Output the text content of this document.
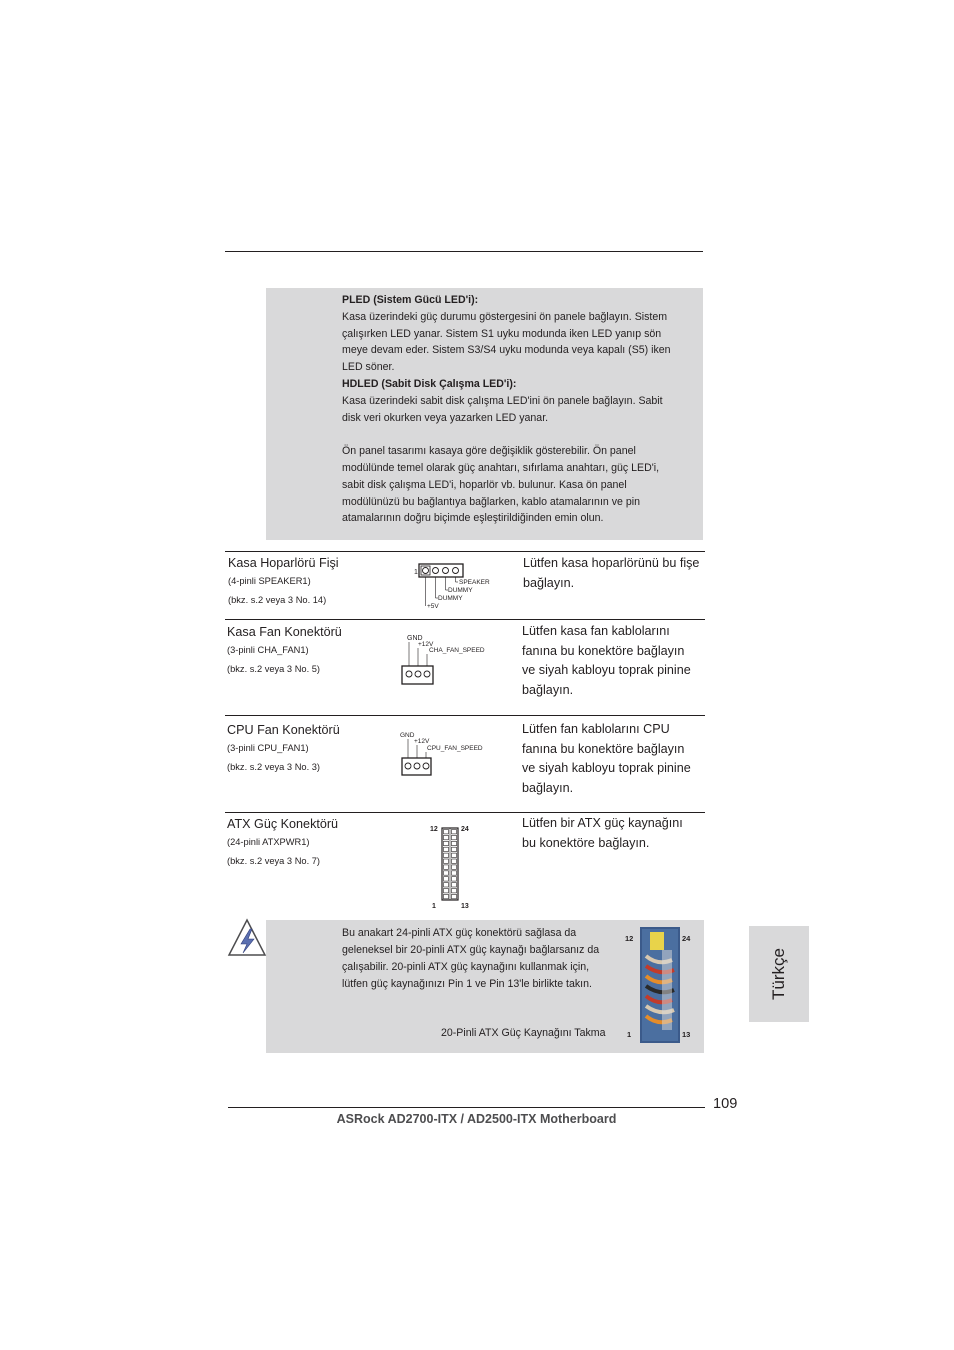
PLED (Sistem Gücü LED'i):

Kasa üzerindeki güç durumu göstergesini ön panele bağlayın. Sistem

çalışırken LED yanar. Sistem S1 uyku modunda iken LED yanıp sön

meye devam eder. Sistem S3/S4 uyku modunda veya kapalı (S5) iken

LED söner.

HDLED (Sabit Disk Çalışma LED'i):

Kasa üzerindeki sabit disk çalışma LED'ini ön panele bağlayın. Sabit

disk veri okurken veya yazarken LED yanar.

Ön panel tasarımı kasaya göre değişiklik gösterebilir. Ön panel

modülünde temel olarak güç anahtarı, sıfırlama anahtarı, güç LED'i,

sabit disk çalışma LED'i, hoparlör vb. bulunur. Kasa ön panel

modülünüzü bu bağlantıya bağlarken, kablo atamalarının ve pin

atamalarının doğru biçimde eşleştirildiğinden emin olun.

Kasa Hoparlörü Fişi
(4-pinli SPEAKER1)
(bkz. s.2 veya 3 No. 14)
Lütfen kasa hoparlörünü bu fişe
bağlayın.
1
SPEAKER
DUMMY
DUMMY
+5V
Kasa Fan Konektörü
(3-pinli CHA_FAN1)
(bkz. s.2 veya 3 No. 5)
Lütfen kasa fan kablolarını
fanına bu konektöre bağlayın
ve siyah kabloyu toprak pinine
bağlayın.
GND
+12V
CHA_FAN_SPEED
CPU Fan Konektörü
(3-pinli CPU_FAN1)
(bkz. s.2 veya 3 No. 3)
Lütfen fan kablolarını CPU
fanına bu konektöre bağlayın
ve siyah kabloyu toprak pinine
bağlayın.
GND
+12V
CPU_FAN_SPEED
ATX Güç Konektörü
(24-pinli ATXPWR1)
(bkz. s.2 veya 3 No. 7)
Lütfen bir ATX güç kaynağını
bu konektöre bağlayın.
12	24
1	13
Bu anakart 24-pinli ATX güç konektörü sağlasa da
geleneksel bir 20-pinli ATX güç kaynağı bağlarsanız da
çalışabilir. 20-pinli ATX güç kaynağını kullanmak için,
lütfen güç kaynağınızı Pin 1 ve Pin 13'le birlikte takın.
20-Pinli ATX Güç Kaynağını Takma
12	24
1	13
Türkçe
109
ASRock AD2700-ITX / AD2500-ITX Motherboard
